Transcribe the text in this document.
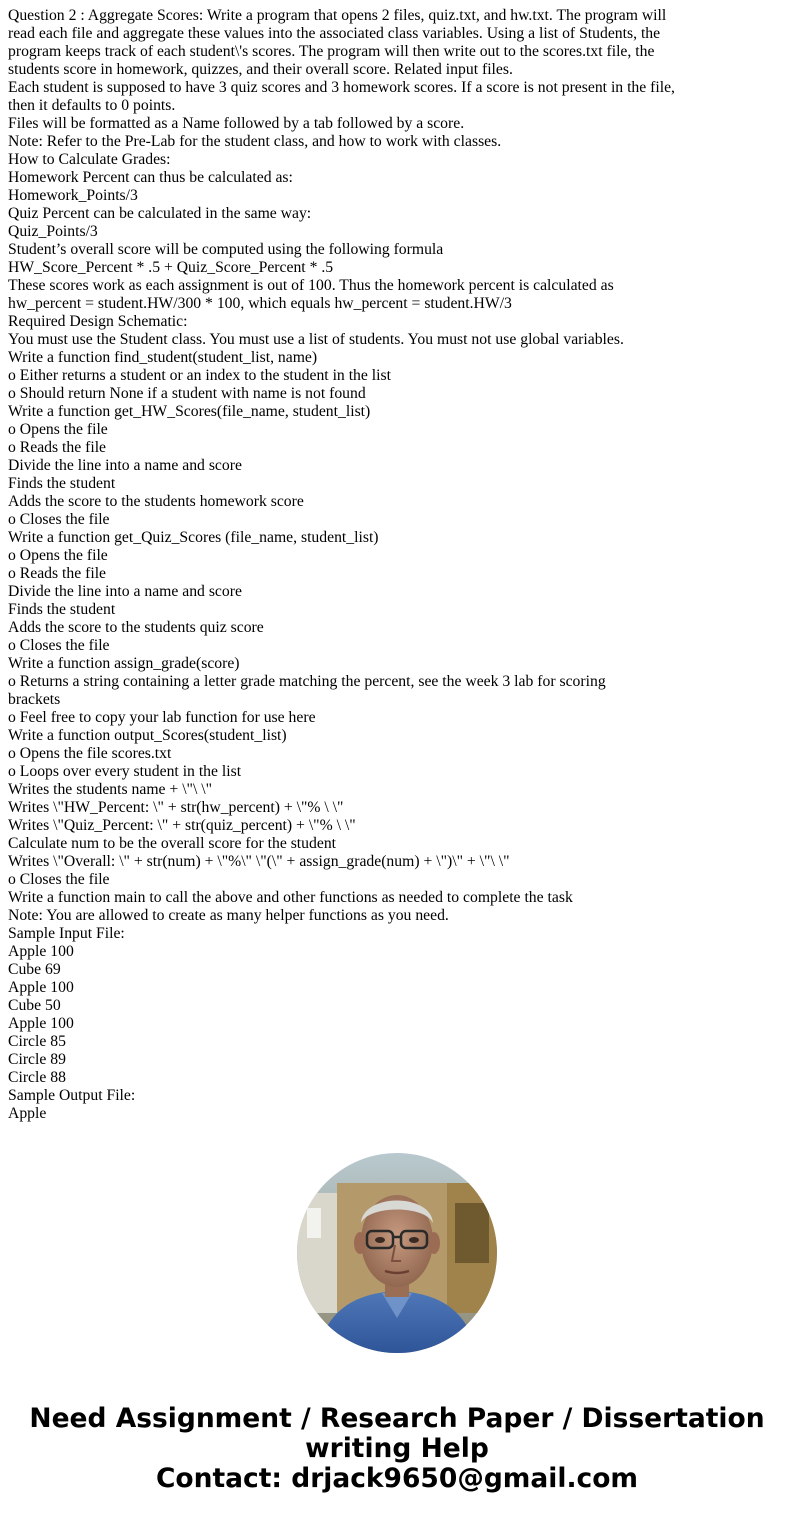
Question 2 : Aggregate Scores: Write a program that opens 2 files, quiz.txt, and hw.txt. The program will
read each file and aggregate these values into the associated class variables. Using a list of Students, the
program keeps track of each student\'s scores. The program will then write out to the scores.txt file, the
students score in homework, quizzes, and their overall score. Related input files.
Each student is supposed to have 3 quiz scores and 3 homework scores. If a score is not present in the file,
then it defaults to 0 points.
Files will be formatted as a Name followed by a tab followed by a score.
Note: Refer to the Pre-Lab for the student class, and how to work with classes.
How to Calculate Grades:
Homework Percent can thus be calculated as:
Homework_Points/3
Quiz Percent can be calculated in the same way:
Quiz_Points/3
Student’s overall score will be computed using the following formula
HW_Score_Percent * .5 + Quiz_Score_Percent * .5
These scores work as each assignment is out of 100. Thus the homework percent is calculated as
hw_percent = student.HW/300 * 100, which equals hw_percent = student.HW/3
Required Design Schematic:
You must use the Student class. You must use a list of students. You must not use global variables.
Write a function find_student(student_list, name)
o Either returns a student or an index to the student in the list
o Should return None if a student with name is not found
Write a function get_HW_Scores(file_name, student_list)
o Opens the file
o Reads the file
Divide the line into a name and score
Finds the student
Adds the score to the students homework score
o Closes the file
Write a function get_Quiz_Scores (file_name, student_list)
o Opens the file
o Reads the file
Divide the line into a name and score
Finds the student
Adds the score to the students quiz score
o Closes the file
Write a function assign_grade(score)
o Returns a string containing a letter grade matching the percent, see the week 3 lab for scoring
brackets
o Feel free to copy your lab function for use here
Write a function output_Scores(student_list)
o Opens the file scores.txt
o Loops over every student in the list
Writes the students name + \"\ \"
Writes \"HW_Percent: \" + str(hw_percent) + \"% \ \"
Writes \"Quiz_Percent: \" + str(quiz_percent) + \"% \ \"
Calculate num to be the overall score for the student
Writes \"Overall: \" + str(num) + \"%\" \"(\" + assign_grade(num) + \")\" + \"\ \"
o Closes the file
Write a function main to call the above and other functions as needed to complete the task
Note: You are allowed to create as many helper functions as you need.
Sample Input File:
Apple 100
Cube 69
Apple 100
Cube 50
Apple 100
Circle 85
Circle 89
Circle 88
Sample Output File:
Apple
Need Assignment / Research Paper / Dissertation
writing Help
Contact: drjack9650@gmail.com
